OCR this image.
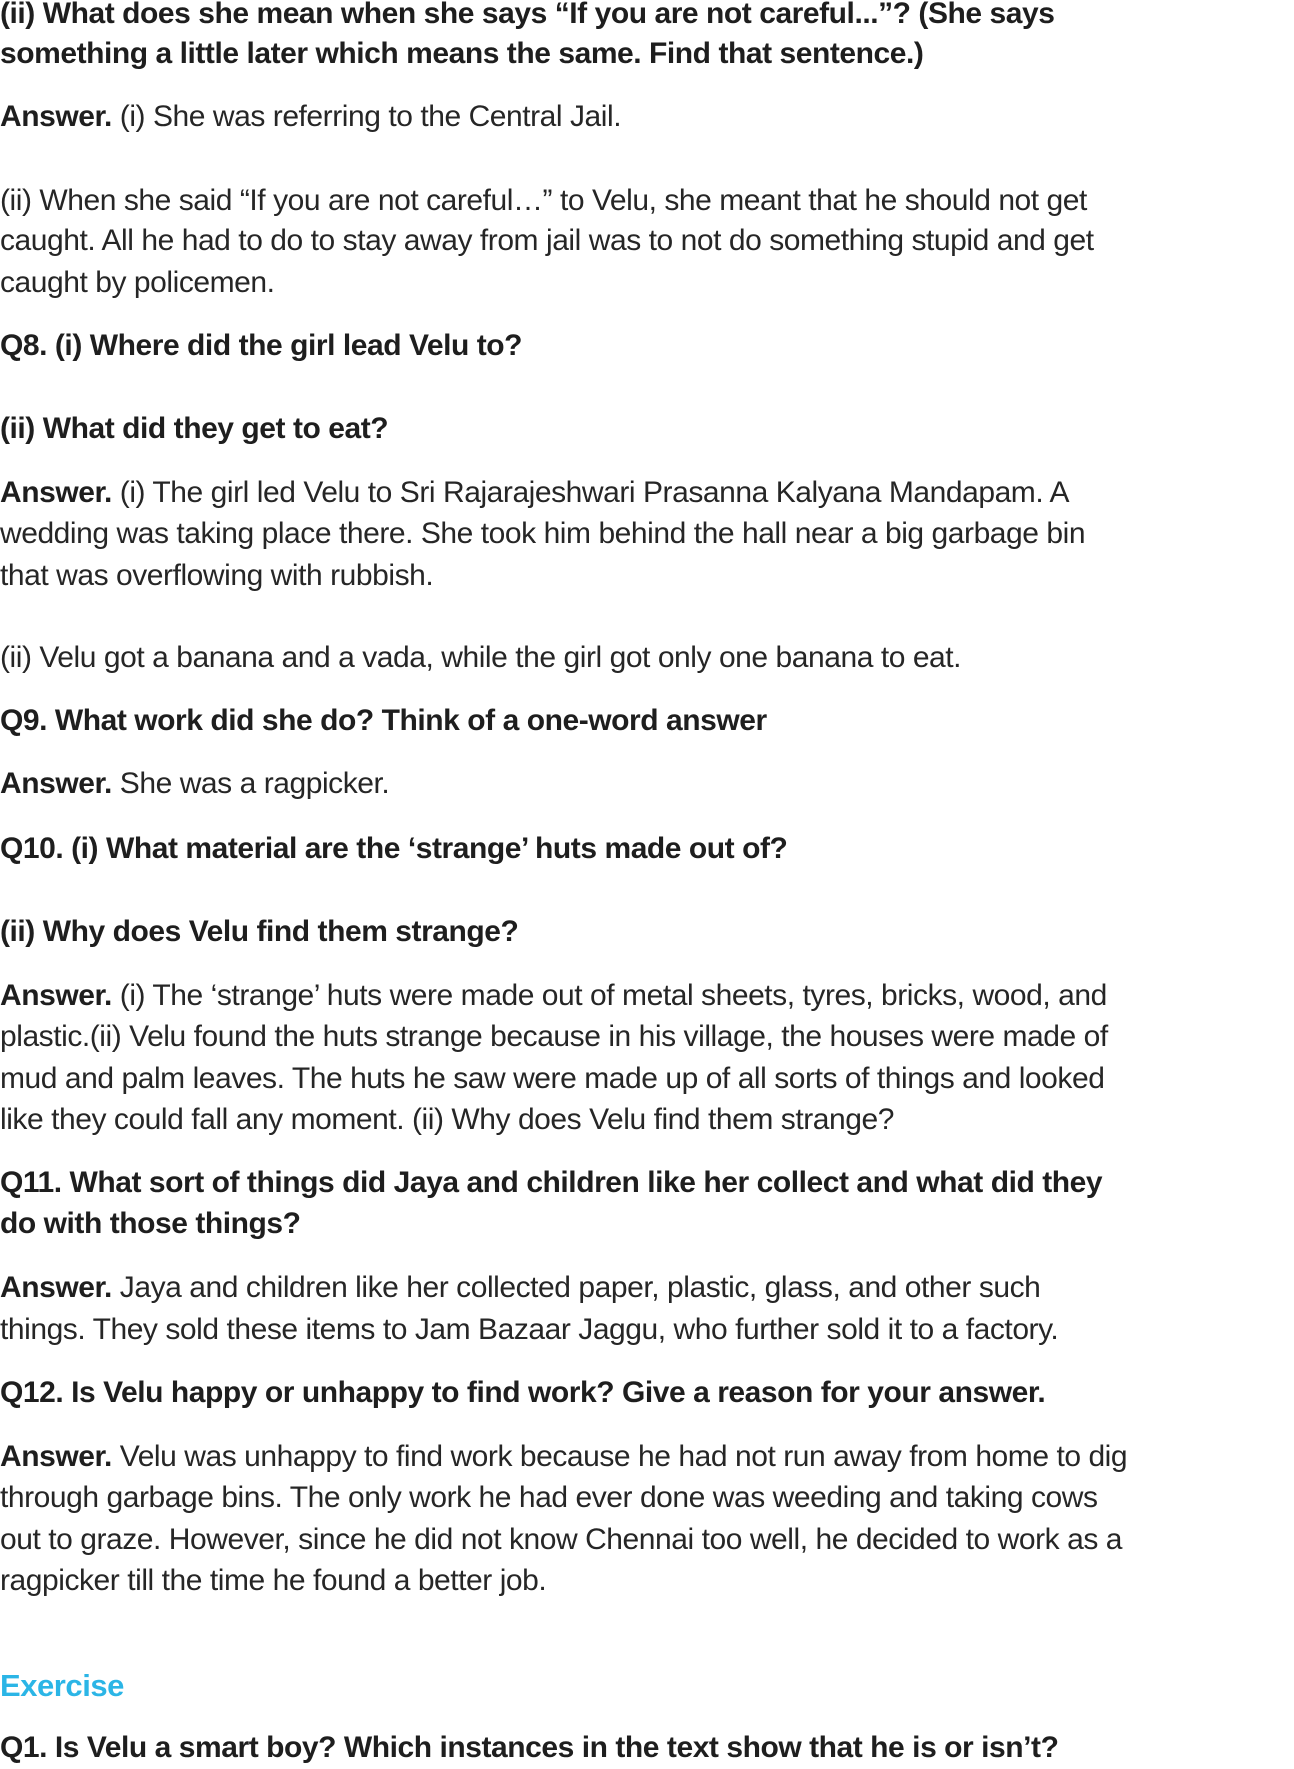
(ii) What does she mean when she says “If you are not careful...”? (She says
something a little later which means the same. Find that sentence.)
Answer. (i) She was referring to the Central Jail.
(ii) When she said “If you are not careful…” to Velu, she meant that he should not get
caught. All he had to do to stay away from jail was to not do something stupid and get
caught by policemen.
Q8. (i) Where did the girl lead Velu to?
(ii) What did they get to eat?
Answer. (i) The girl led Velu to Sri Rajarajeshwari Prasanna Kalyana Mandapam. A
wedding was taking place there. She took him behind the hall near a big garbage bin
that was overflowing with rubbish.
(ii) Velu got a banana and a vada, while the girl got only one banana to eat.
Q9. What work did she do? Think of a one-word answer
Answer. She was a ragpicker.
Q10. (i) What material are the ‘strange’ huts made out of?
(ii) Why does Velu find them strange?
Answer. (i) The ‘strange’ huts were made out of metal sheets, tyres, bricks, wood, and
plastic.(ii) Velu found the huts strange because in his village, the houses were made of
mud and palm leaves. The huts he saw were made up of all sorts of things and looked
like they could fall any moment. (ii) Why does Velu find them strange?
Q11. What sort of things did Jaya and children like her collect and what did they
do with those things?
Answer. Jaya and children like her collected paper, plastic, glass, and other such
things. They sold these items to Jam Bazaar Jaggu, who further sold it to a factory.
Q12. Is Velu happy or unhappy to find work? Give a reason for your answer.
Answer. Velu was unhappy to find work because he had not run away from home to dig
through garbage bins. The only work he had ever done was weeding and taking cows
out to graze. However, since he did not know Chennai too well, he decided to work as a
ragpicker till the time he found a better job.
Exercise
Q1. Is Velu a smart boy? Which instances in the text show that he is or isn’t?
